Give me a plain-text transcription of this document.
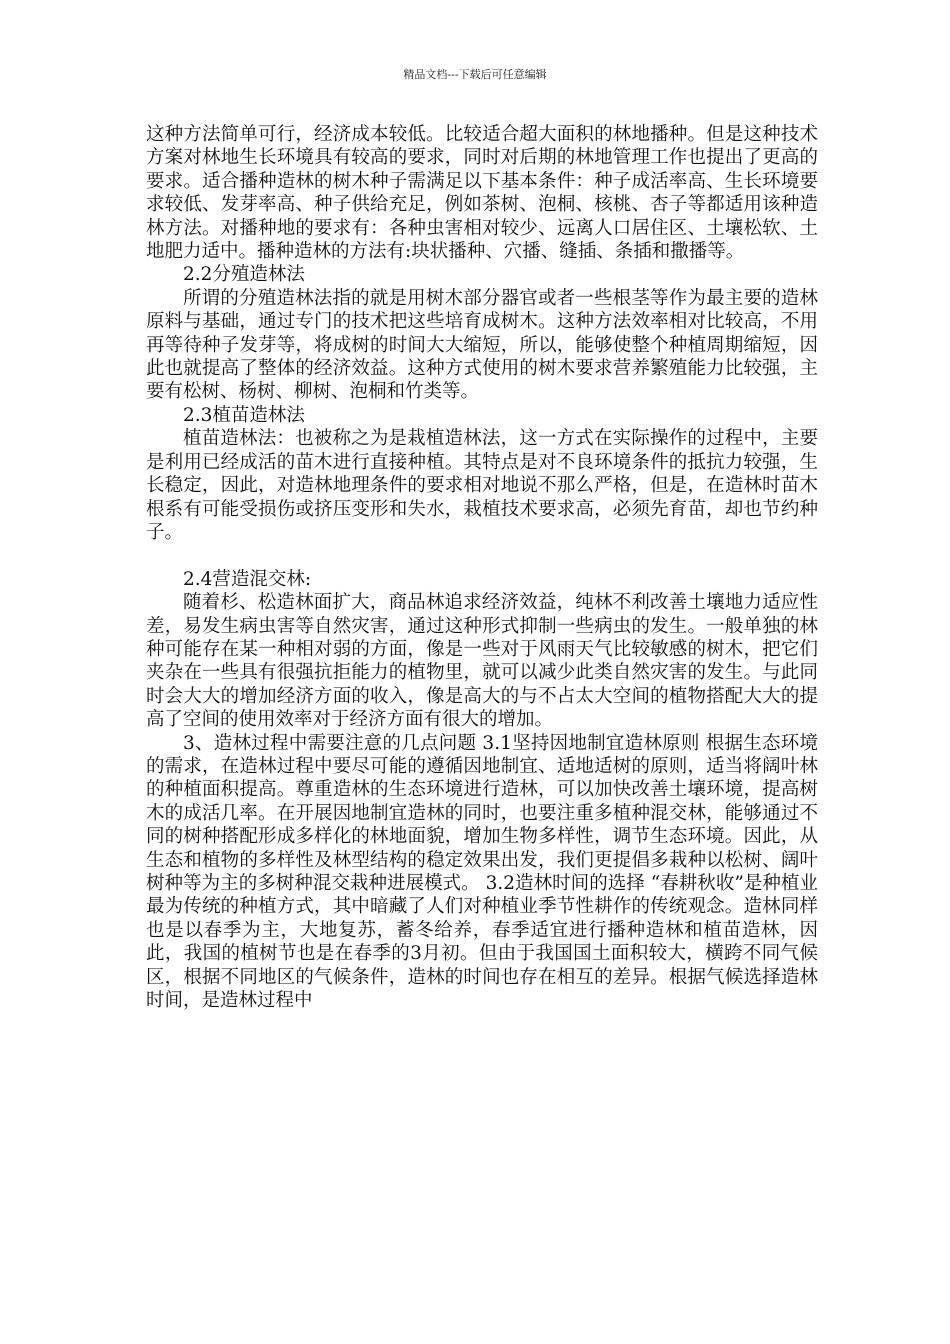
精品文档---下载后可任意编辑

这种方法简单可行，经济成本较低。比较适合超大面积的林地播种。但是这种技术方案对林地生长环境具有较高的要求，同时对后期的林地管理工作也提出了更高的要求。适合播种造林的树木种子需满足以下基本条件：种子成活率高、生长环境要求较低、发芽率高、种子供给充足，例如茶树、泡桐、核桃、杏子等都适用该种造林方法。对播种地的要求有：各种虫害相对较少、远离人口居住区、土壤松软、土地肥力适中。播种造林的方法有:块状播种、穴播、缝插、条插和撒播等。

2.2分殖造林法

所谓的分殖造林法指的就是用树木部分器官或者一些根茎等作为最主要的造林原料与基础，通过专门的技术把这些培育成树木。这种方法效率相对比较高，不用再等待种子发芽等，将成树的时间大大缩短，所以，能够使整个种植周期缩短，因此也就提高了整体的经济效益。这种方式使用的树木要求营养繁殖能力比较强，主要有松树、杨树、柳树、泡桐和竹类等。

2.3植苗造林法

植苗造林法：也被称之为是栽植造林法，这一方式在实际操作的过程中，主要是利用已经成活的苗木进行直接种植。其特点是对不良环境条件的抵抗力较强，生长稳定，因此，对造林地理条件的要求相对地说不那么严格，但是，在造林时苗木根系有可能受损伤或挤压变形和失水，栽植技术要求高，必须先育苗，却也节约种子。

2.4营造混交林:

随着杉、松造林面扩大，商品林追求经济效益，纯林不利改善土壤地力适应性差，易发生病虫害等自然灾害，通过这种形式抑制一些病虫的发生。一般单独的林种可能存在某一种相对弱的方面，像是一些对于风雨天气比较敏感的树木，把它们夹杂在一些具有很强抗拒能力的植物里，就可以减少此类自然灾害的发生。与此同时会大大的增加经济方面的收入，像是高大的与不占太大空间的植物搭配大大的提高了空间的使用效率对于经济方面有很大的增加。

3、造林过程中需要注意的几点问题 3.1坚持因地制宜造林原则 根据生态环境的需求，在造林过程中要尽可能的遵循因地制宜、适地适树的原则，适当将阔叶林的种植面积提高。尊重造林的生态环境进行造林，可以加快改善土壤环境，提高树木的成活几率。在开展因地制宜造林的同时，也要注重多植种混交林，能够通过不同的树种搭配形成多样化的林地面貌，增加生物多样性，调节生态环境。因此，从生态和植物的多样性及林型结构的稳定效果出发，我们更提倡多栽种以松树、阔叶树种等为主的多树种混交栽种进展模式。 3.2造林时间的选择 “春耕秋收”是种植业最为传统的种植方式，其中暗藏了人们对种植业季节性耕作的传统观念。造林同样也是以春季为主，大地复苏，蓄冬给养，春季适宜进行播种造林和植苗造林，因此，我国的植树节也是在春季的3月初。但由于我国国土面积较大，横跨不同气候区，根据不同地区的气候条件，造林的时间也存在相互的差异。根据气候选择造林时间，是造林过程中
